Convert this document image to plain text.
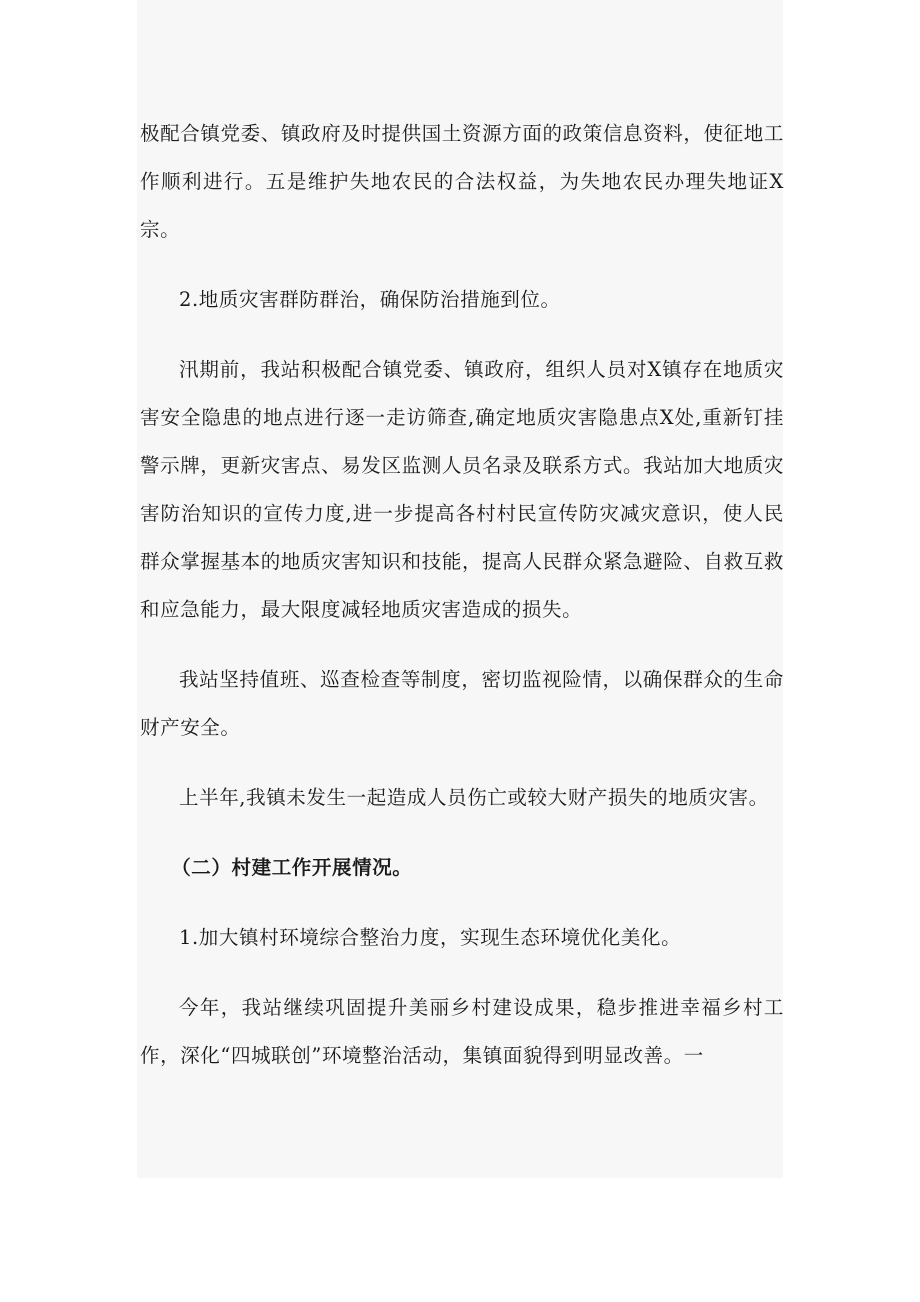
极配合镇党委、镇政府及时提供国土资源方面的政策信息资料，使征地工作顺利进行。五是维护失地农民的合法权益，为失地农民办理失地证X宗。

2.地质灾害群防群治，确保防治措施到位。

汛期前，我站积极配合镇党委、镇政府，组织人员对X镇存在地质灾害安全隐患的地点进行逐一走访筛查,确定地质灾害隐患点X处,重新钉挂警示牌，更新灾害点、易发区监测人员名录及联系方式。我站加大地质灾害防治知识的宣传力度,进一步提高各村村民宣传防灾减灾意识，使人民群众掌握基本的地质灾害知识和技能，提高人民群众紧急避险、自救互救和应急能力，最大限度减轻地质灾害造成的损失。

我站坚持值班、巡查检查等制度，密切监视险情，以确保群众的生命财产安全。

上半年,我镇未发生一起造成人员伤亡或较大财产损失的地质灾害。

（二）村建工作开展情况。

1.加大镇村环境综合整治力度，实现生态环境优化美化。

今年，我站继续巩固提升美丽乡村建设成果，稳步推进幸福乡村工作，深化“四城联创”环境整治活动，集镇面貌得到明显改善。一
